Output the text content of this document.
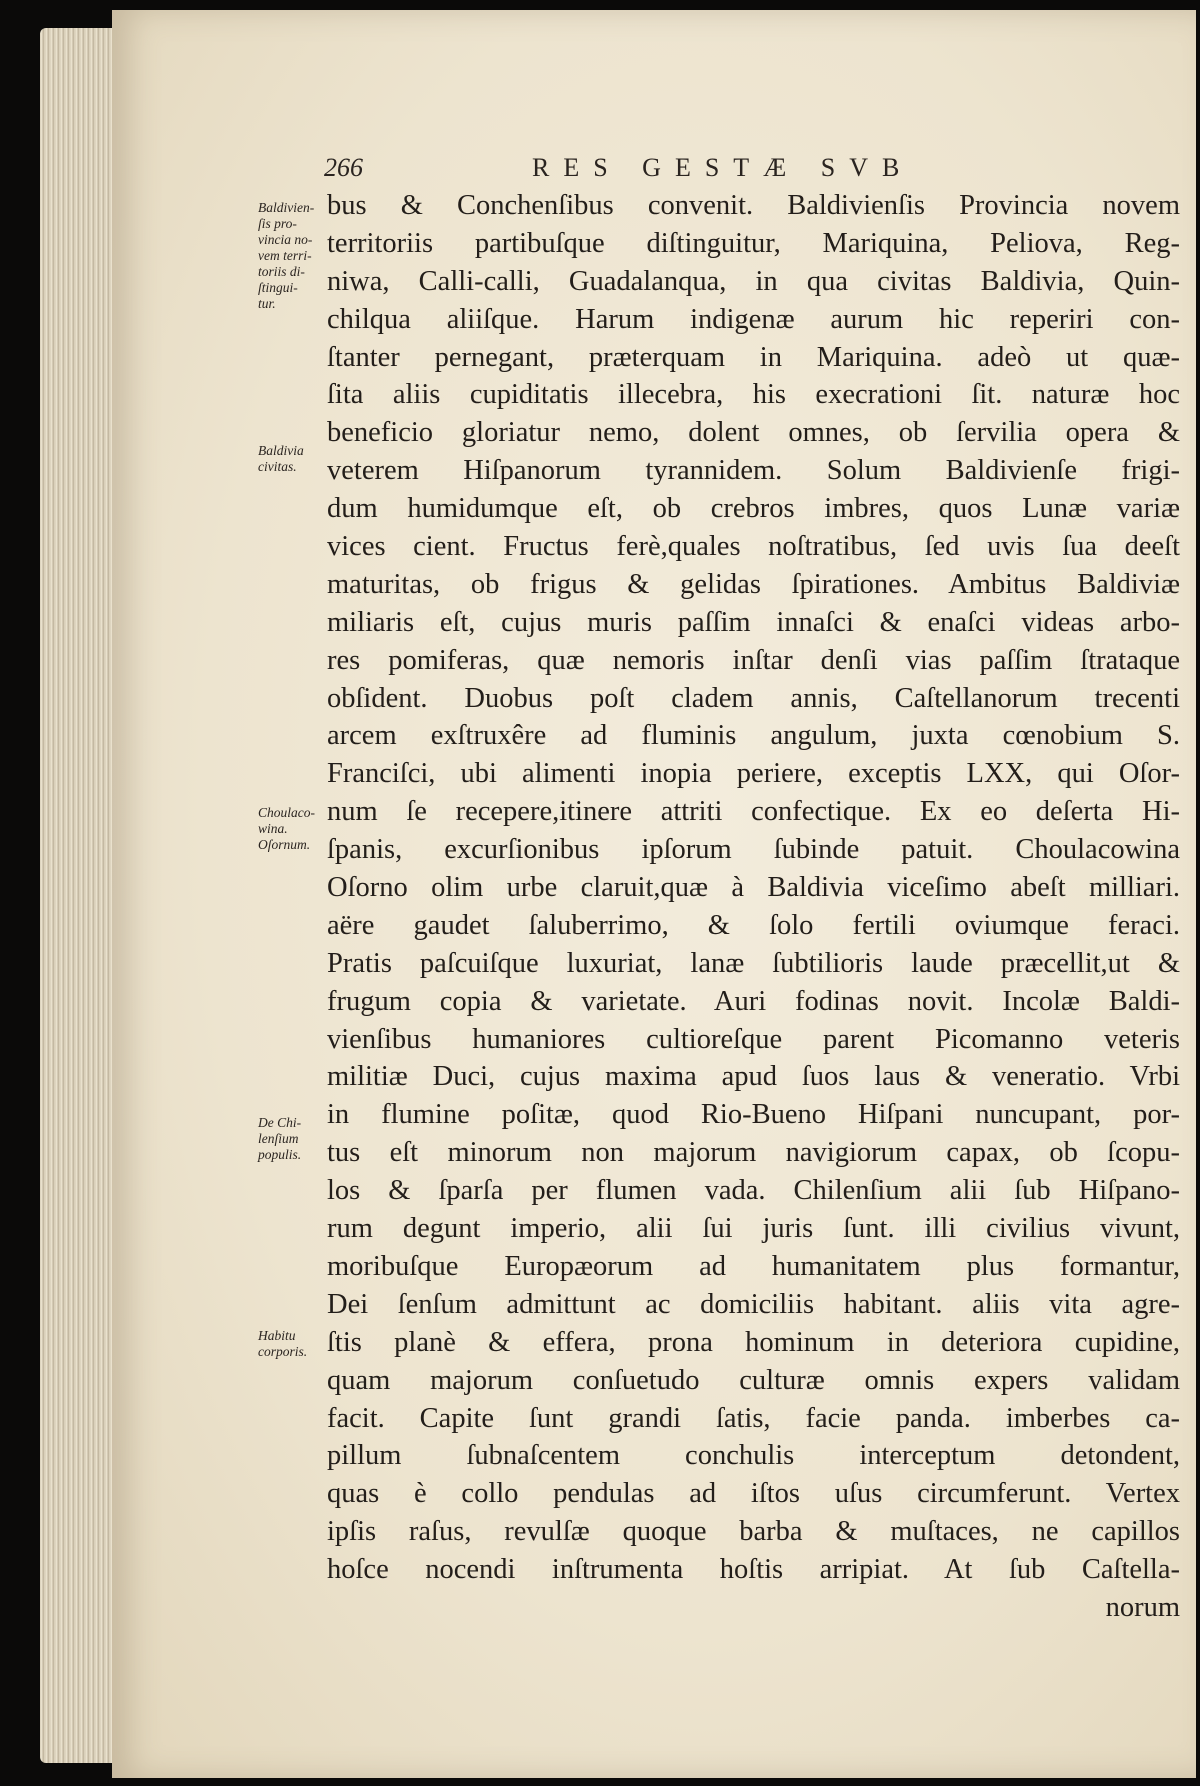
266	RES GESTÆ SVB
Baldivien-
ſis pro-
vincia no-
vem terri-
toriis di-
ſtingui-
tur.
Baldivia
civitas.
Choulaco-
wina.
Oſornum.
De Chi-
lenſium
populis.
Habitu
corporis.
bus & Conchenſibus convenit. Baldivienſis Provincia novem
territoriis partibuſque diſtinguitur, Mariquina, Peliova, Reg-
niwa, Calli-calli, Guadalanqua, in qua civitas Baldivia, Quin-
chilqua aliiſque. Harum indigenæ aurum hic reperiri con-
ſtanter pernegant, præterquam in Mariquina. adeò ut quæ-
ſita aliis cupiditatis illecebra, his execrationi ſit. naturæ hoc
beneficio gloriatur nemo, dolent omnes, ob ſervilia opera &
veterem Hiſpanorum tyrannidem. Solum Baldivienſe frigi-
dum humidumque eſt, ob crebros imbres, quos Lunæ variæ
vices cient. Fructus ferè,quales noſtratibus, ſed uvis ſua deeſt
maturitas, ob frigus & gelidas ſpirationes. Ambitus Baldiviæ
miliaris eſt, cujus muris paſſim innaſci & enaſci videas arbo-
res pomiferas, quæ nemoris inſtar denſi vias paſſim ſtrataque
obſident. Duobus poſt cladem annis, Caſtellanorum trecenti
arcem exſtruxêre ad fluminis angulum, juxta cœnobium S.
Franciſci, ubi alimenti inopia periere, exceptis LXX, qui Oſor-
num ſe recepere,itinere attriti confectique. Ex eo deſerta Hi-
ſpanis, excurſionibus ipſorum ſubinde patuit. Choulacowina
Oſorno olim urbe claruit,quæ à Baldivia viceſimo abeſt milliari.
aëre gaudet ſaluberrimo, & ſolo fertili oviumque feraci.
Pratis paſcuiſque luxuriat, lanæ ſubtilioris laude præcellit,ut &
frugum copia & varietate. Auri fodinas novit. Incolæ Baldi-
vienſibus humaniores cultioreſque parent Picomanno veteris
militiæ Duci, cujus maxima apud ſuos laus & veneratio. Vrbi
in flumine poſitæ, quod Rio-Bueno Hiſpani nuncupant, por-
tus eſt minorum non majorum navigiorum capax, ob ſcopu-
los & ſparſa per flumen vada. Chilenſium alii ſub Hiſpano-
rum degunt imperio, alii ſui juris ſunt. illi civilius vivunt,
moribuſque Europæorum ad humanitatem plus formantur,
Dei ſenſum admittunt ac domiciliis habitant. aliis vita agre-
ſtis planè & effera, prona hominum in deteriora cupidine,
quam majorum conſuetudo culturæ omnis expers validam
facit. Capite ſunt grandi ſatis, facie panda. imberbes ca-
pillum ſubnaſcentem conchulis interceptum detondent,
quas è collo pendulas ad iſtos uſus circumferunt. Vertex
ipſis raſus, revulſæ quoque barba & muſtaces, ne capillos
hoſce nocendi inſtrumenta hoſtis arripiat. At ſub Caſtella-
norum
